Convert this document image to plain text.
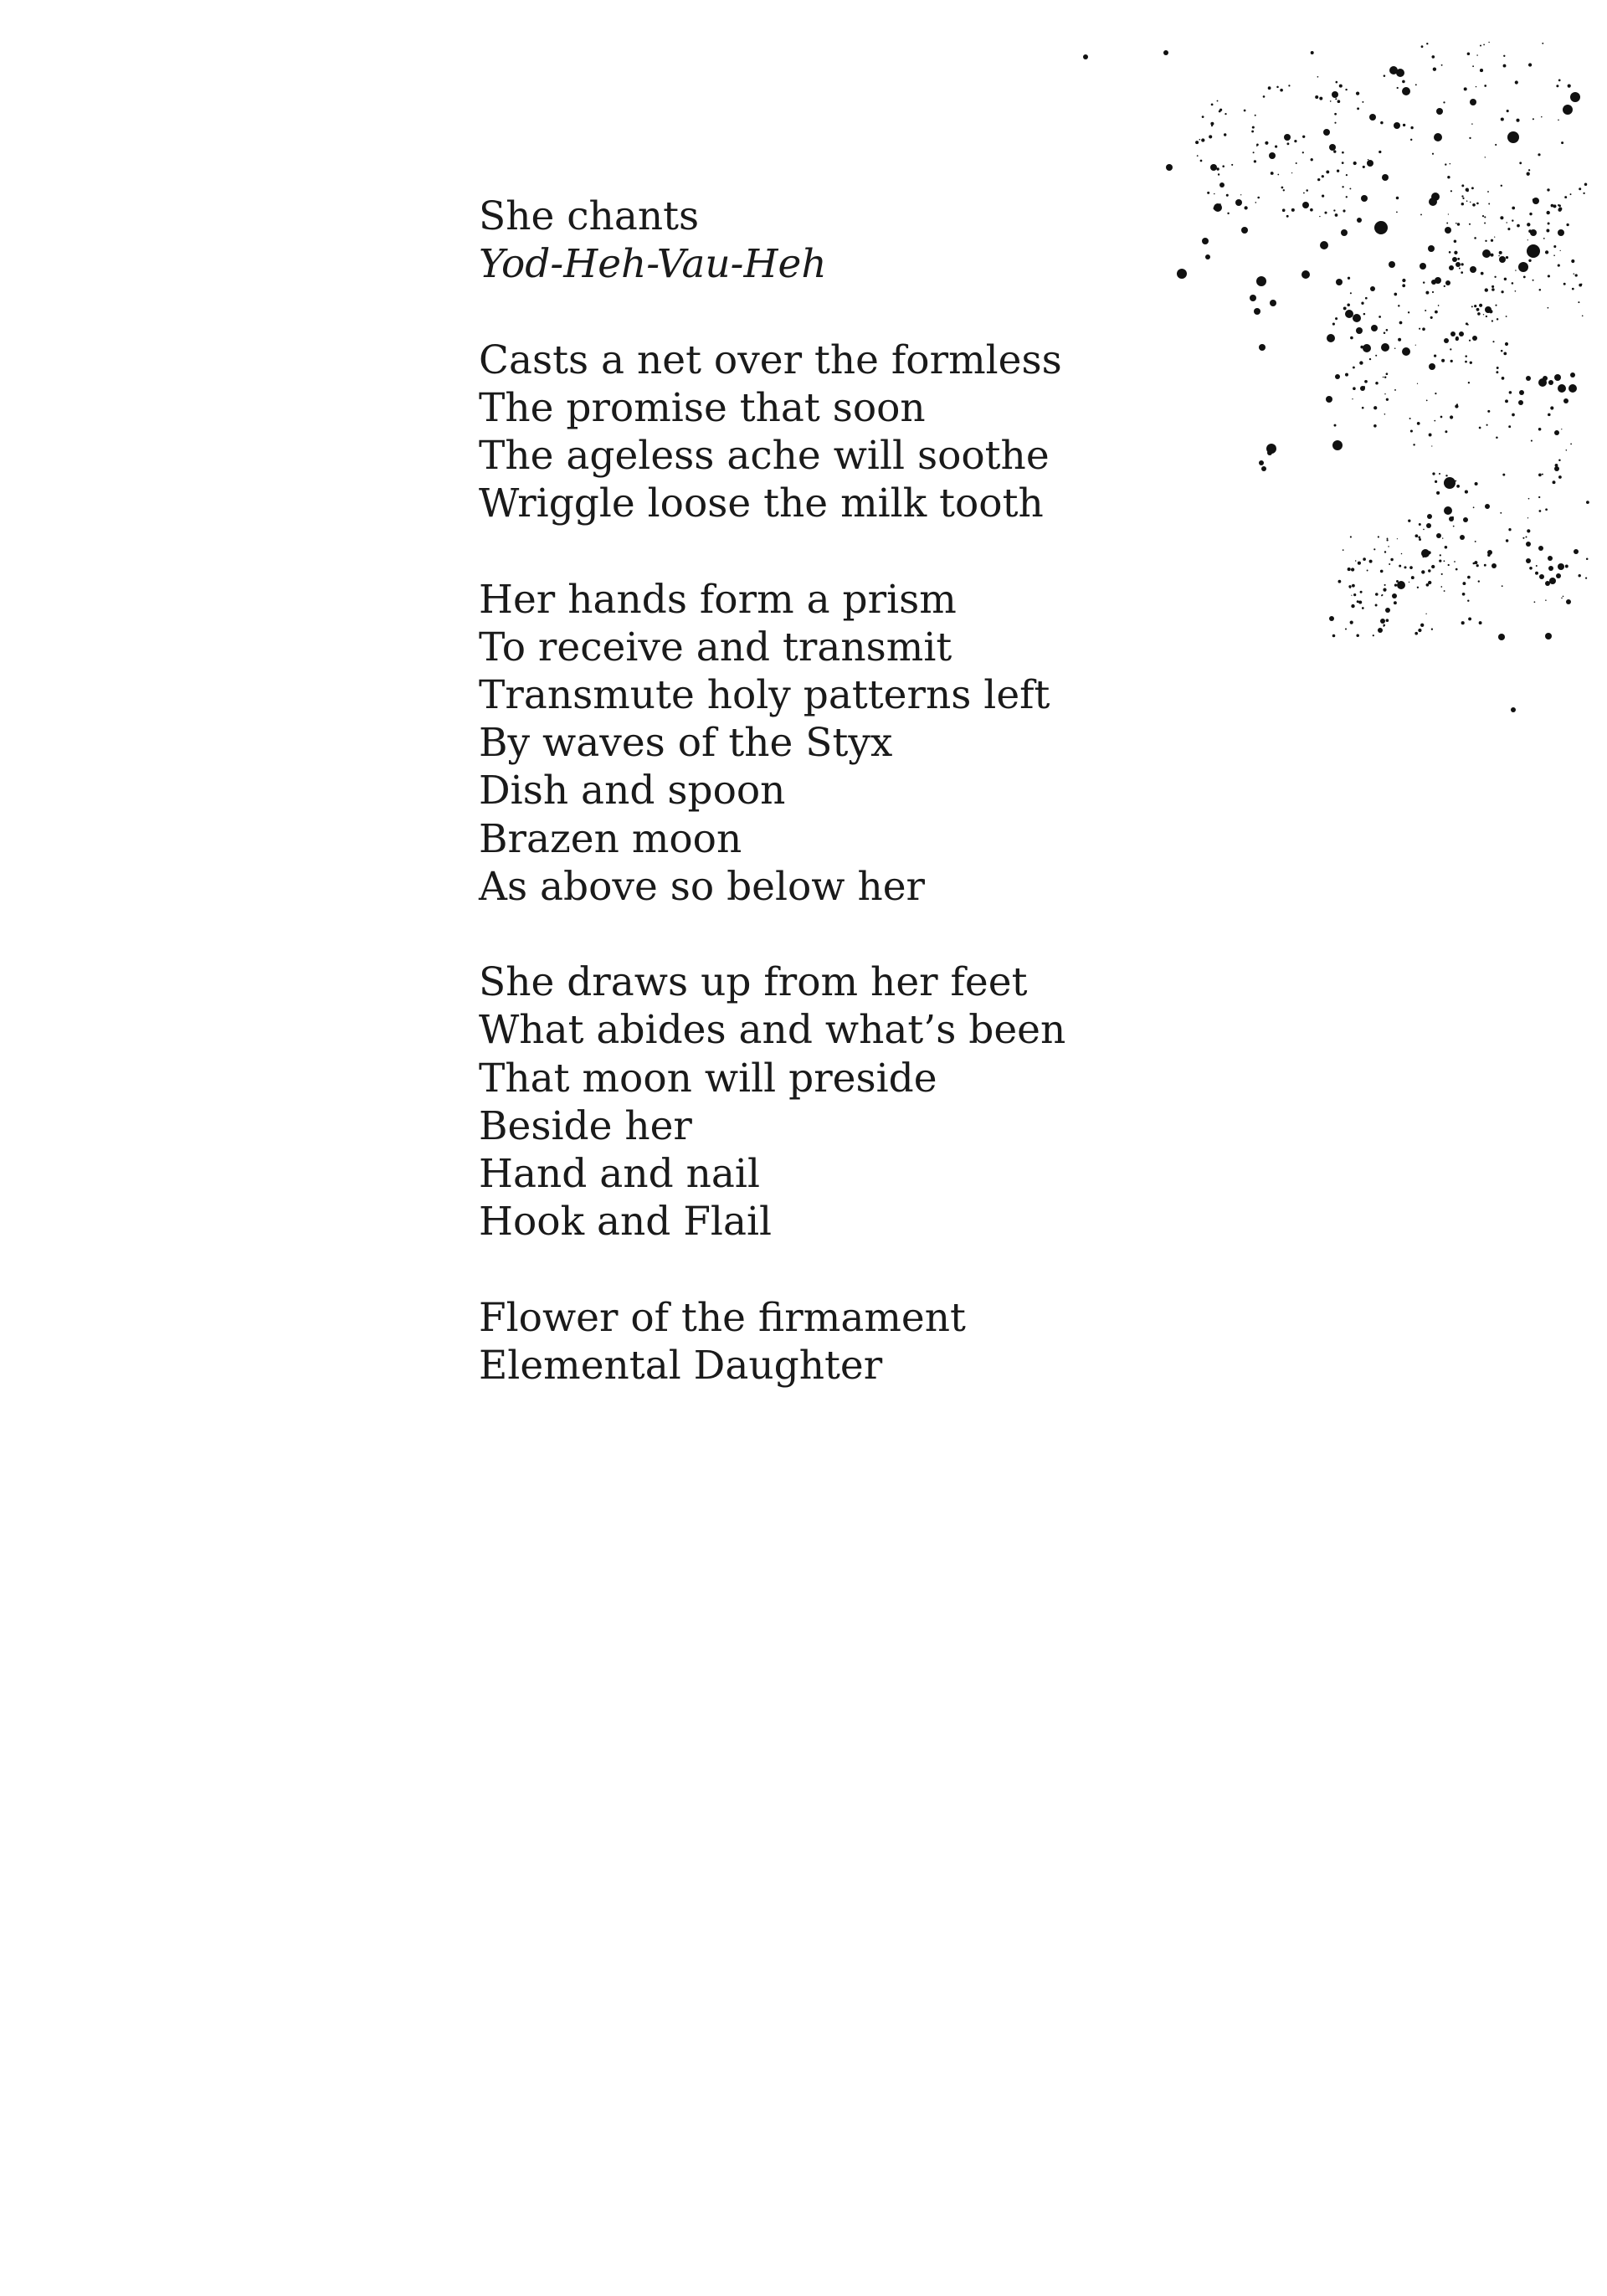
She chants
Yod-Heh-Vau-Heh
Casts a net over the formless
The promise that soon
The ageless ache will soothe
Wriggle loose the milk tooth
Her hands form a prism
To receive and transmit
Transmute holy patterns left
By waves of the Styx
Dish and spoon
Brazen moon
As above so below her
She draws up from her feet
What abides and what’s been
That moon will preside
Beside her
Hand and nail
Hook and Flail
Flower of the firmament
Elemental Daughter
